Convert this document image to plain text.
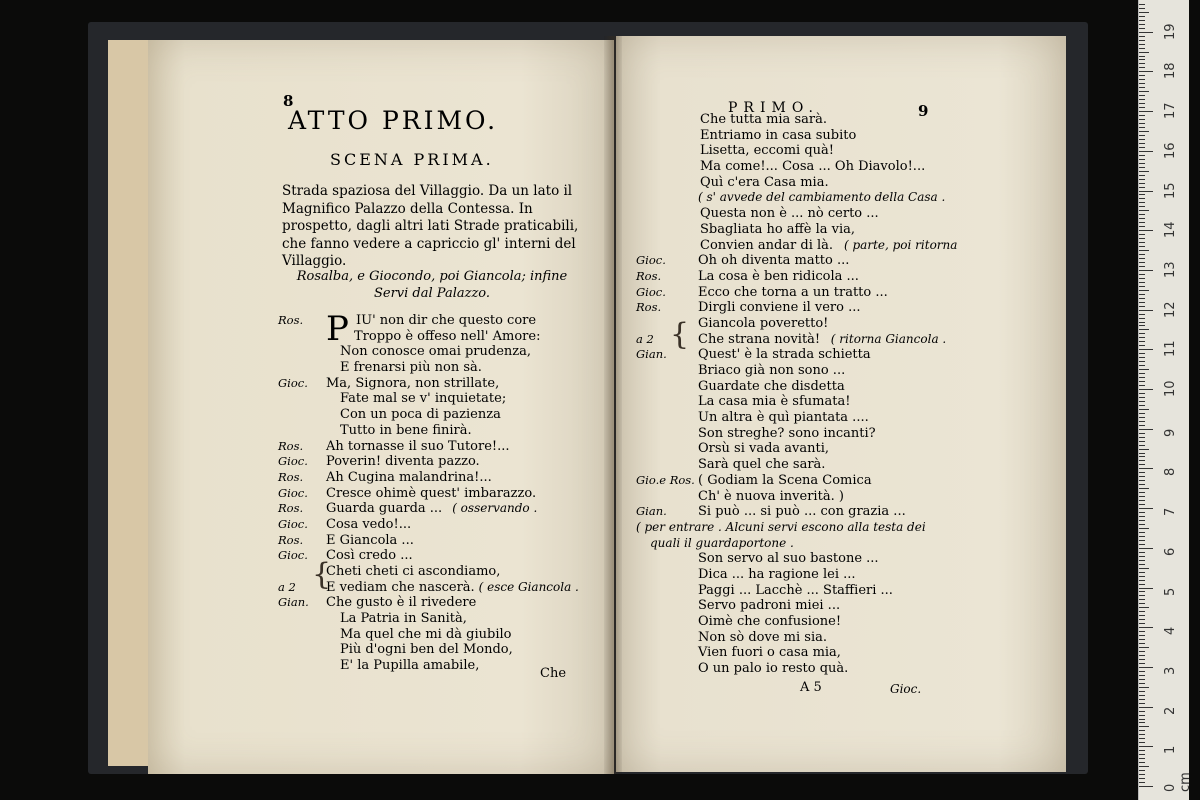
8
ATTO PRIMO.
SCENA PRIMA.
Strada spaziosa del Villaggio. Da un lato il Magnifico Palazzo della Contessa. In prospetto, dagli altri lati Strade praticabili, che fanno vedere a capriccio gl' interni del Villaggio.
Rosalba, e Giocondo, poi Giancola; infine Servi dal Palazzo.
P
{
Ros.	IU' non dir che questo core
Troppo è offeso nell' Amore:
Non conosce omai prudenza,
E frenarsi più non sà.
Gioc. Ma, Signora, non strillate,
Fate mal se v' inquietate;
Con un poca di pazienza
Tutto in bene finirà.
Ros. Ah tornasse il suo Tutore!...
Gioc. Poverin! diventa pazzo.
Ros. Ah Cugina malandrina!...
Gioc. Cresce ohimè quest' imbarazzo.
Ros. Guarda guarda ... ( osservando .
Gioc. Cosa vedo!...
Ros. E Giancola ...
Gioc. Così credo ...
Cheti cheti ci ascondiamo,
a 2 E vediam che nascerà. ( esce Giancola .
Gian. Che gusto è il rivedere
La Patria in Sanità,
Ma quel che mi dà giubilo
Più d'ogni ben del Mondo,
E' la Pupilla amabile,
Che
PRIMO.	9
{
Che tutta mia sarà.
Entriamo in casa subito
Lisetta, eccomi quà!
Ma come!... Cosa ... Oh Diavolo!...
Quì c'era Casa mia.
( s' avvede del cambiamento della Casa .
Questa non è ... nò certo ...
Sbagliata ho affè la via,
Convien andar di là. ( parte, poi ritorna
Gioc. Oh oh diventa matto ...
Ros.	La cosa è ben ridicola ...
Gioc. Ecco che torna a un tratto ...
Ros.	Dirgli conviene il vero ...
Giancola poveretto!
a 2	Che strana novità! ( ritorna Giancola .
Gian. Quest' è la strada schietta
Briaco già non sono ...
Guardate che disdetta
La casa mia è sfumata!
Un altra è quì piantata ....
Son streghe? sono incanti?
Orsù si vada avanti,
Sarà quel che sarà.
Gio.e Ros. ( Godiam la Scena Comica
Ch' è nuova inverità. )
Gian. Si può ... si può ... con grazia ...
( per entrare . Alcuni servi escono alla testa dei
quali il guardaportone .
Son servo al suo bastone ...
Dica ... ha ragione lei ...
Paggi ... Lacchè ... Staffieri ...
Servo padroni miei ...
Oimè che confusione!
Non sò dove mi sia.
Vien fuori o casa mia,
O un palo io resto quà.
A 5	Gioc.
0 cm
1
2
3
4
5
6
7
8
9
10
11
12
13
14
15
16
17
18
19
